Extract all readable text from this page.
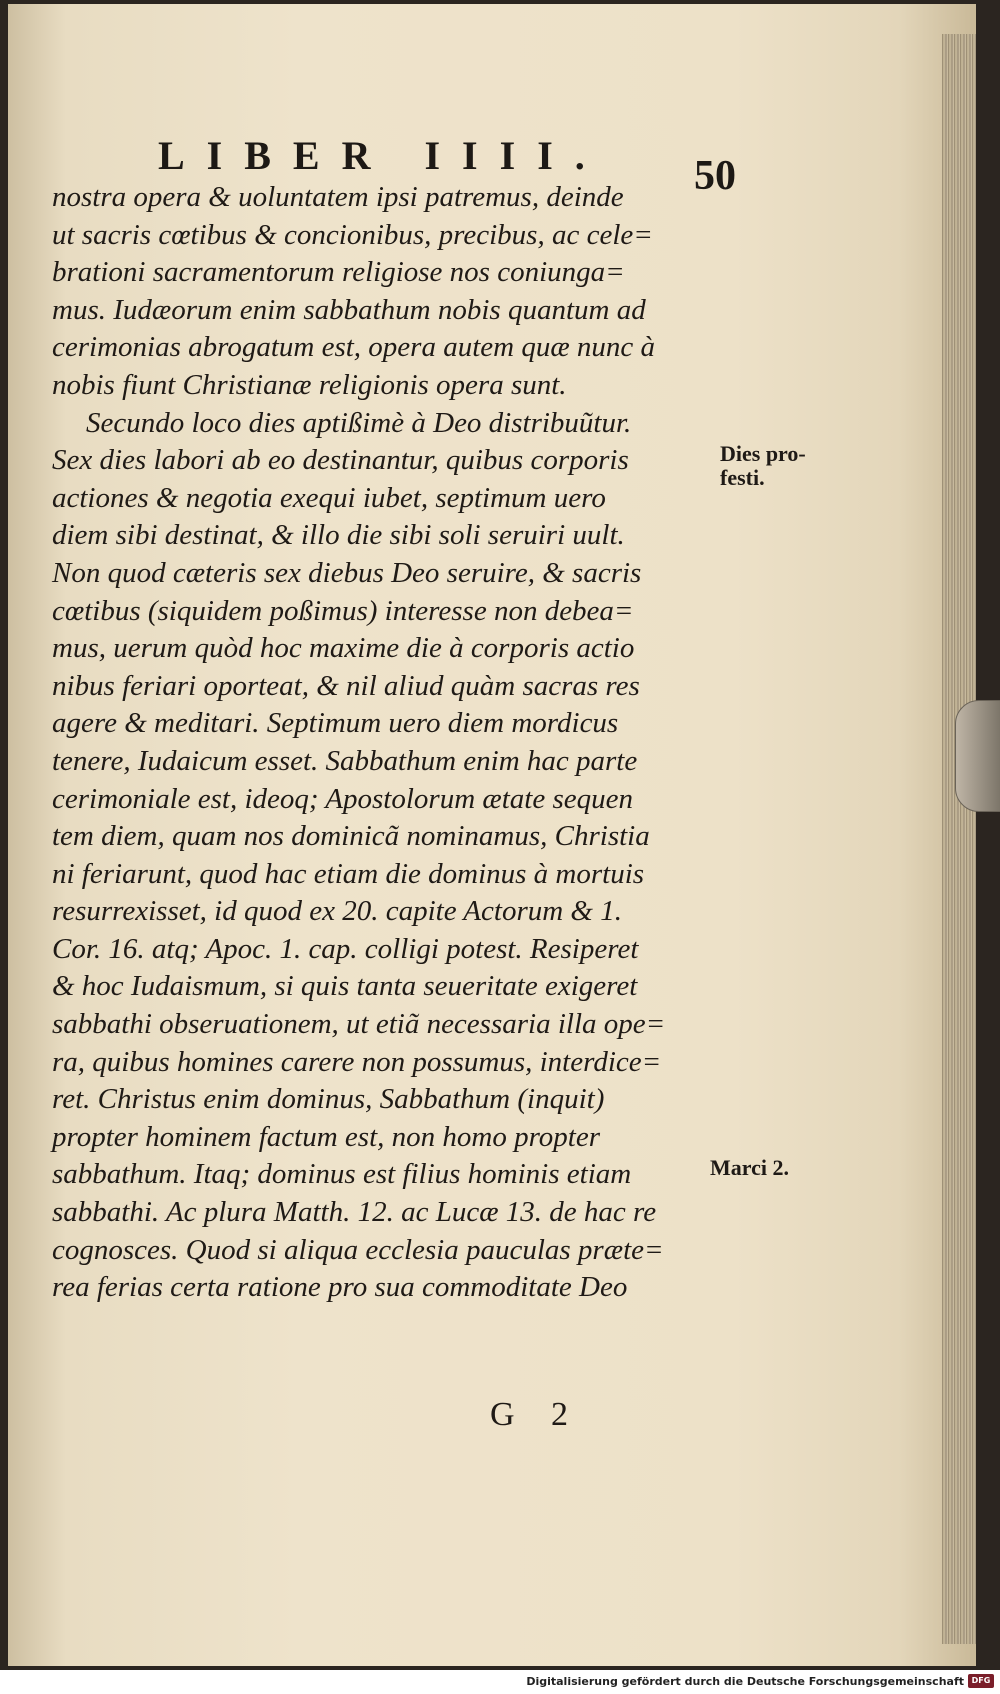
LIBER IIII.	50
nostra opera & uoluntatem ipsi patremus, deinde
ut sacris cœtibus & concionibus, precibus, ac cele=
brationi sacramentorum religiose nos coniunga=
mus. Iudæorum enim sabbathum nobis quantum ad
cerimonias abrogatum est, opera autem quæ nunc à
nobis fiunt Christianæ religionis opera sunt.
Secundo loco dies aptißimè à Deo distribuũtur.
Sex dies labori ab eo destinantur, quibus corporis
actiones & negotia exequi iubet, septimum uero
diem sibi destinat, & illo die sibi soli seruiri uult.
Non quod cæteris sex diebus Deo seruire, & sacris
cœtibus (siquidem poßimus) interesse non debea=
mus, uerum quòd hoc maxime die à corporis actio
nibus feriari oporteat, & nil aliud quàm sacras res
agere & meditari. Septimum uero diem mordicus
tenere, Iudaicum esset. Sabbathum enim hac parte
cerimoniale est, ideoq; Apostolorum ætate sequen
tem diem, quam nos dominicã nominamus, Christia
ni feriarunt, quod hac etiam die dominus à mortuis
resurrexisset, id quod ex 20. capite Actorum & 1.
Cor. 16. atq; Apoc. 1. cap. colligi potest. Resiperet
& hoc Iudaismum, si quis tanta seueritate exigeret
sabbathi obseruationem, ut etiã necessaria illa ope=
ra, quibus homines carere non possumus, interdice=
ret. Christus enim dominus, Sabbathum (inquit)
propter hominem factum est, non homo propter
sabbathum. Itaq; dominus est filius hominis etiam
sabbathi. Ac plura Matth. 12. ac Lucæ 13. de hac re
cognosces. Quod si aliqua ecclesia pauculas præte=
rea ferias certa ratione pro sua commoditate Deo
Dies pro-
festi.
Marci 2.
G 2
Digitalisierung gefördert durch die Deutsche Forschungsgemeinschaft DFG
